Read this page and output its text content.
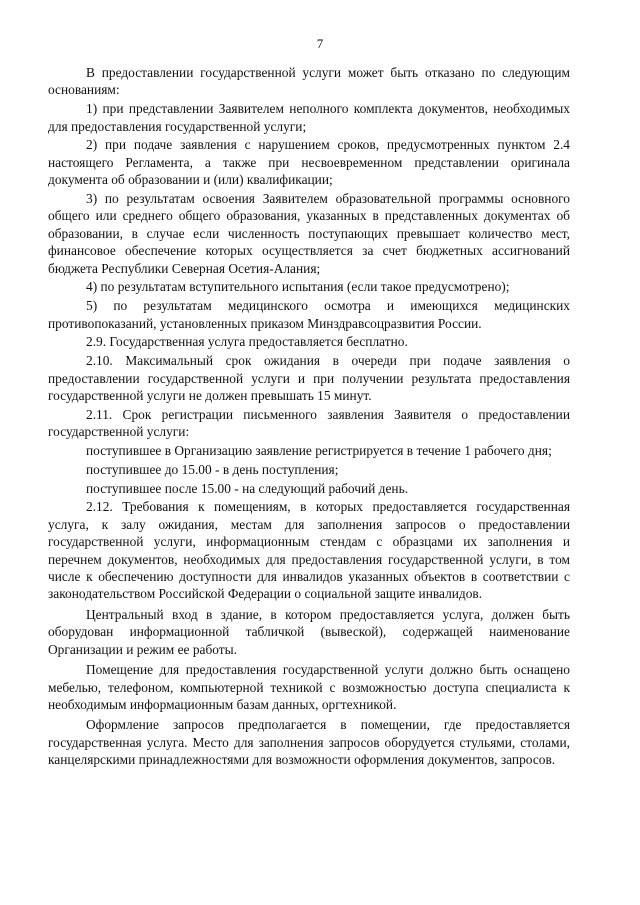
7

В предоставлении государственной услуги может быть отказано по следующим основаниям:

1) при представлении Заявителем неполного комплекта документов, необходимых для предоставления государственной услуги;

2) при подаче заявления с нарушением сроков, предусмотренных пунктом 2.4 настоящего Регламента, а также при несвоевременном представлении оригинала документа об образовании и (или) квалификации;

3) по результатам освоения Заявителем образовательной программы основного общего или среднего общего образования, указанных в представленных документах об образовании, в случае если численность поступающих превышает количество мест, финансовое обеспечение которых осуществляется за счет бюджетных ассигнований бюджета Республики Северная Осетия-Алания;

4) по результатам вступительного испытания (если такое предусмотрено);

5) по результатам медицинского осмотра и имеющихся медицинских противопоказаний, установленных приказом Минздравсоцразвития России.

2.9. Государственная услуга предоставляется бесплатно.

2.10. Максимальный срок ожидания в очереди при подаче заявления о предоставлении государственной услуги и при получении результата предоставления государственной услуги не должен превышать 15 минут.

2.11. Срок регистрации письменного заявления Заявителя о предоставлении государственной услуги:

поступившее в Организацию заявление регистрируется в течение 1 рабочего дня;

поступившее до 15.00 - в день поступления;

поступившее после 15.00 - на следующий рабочий день.

2.12. Требования к помещениям, в которых предоставляется государственная услуга, к залу ожидания, местам для заполнения запросов о предоставлении государственной услуги, информационным стендам с образцами их заполнения и перечнем документов, необходимых для предоставления государственной услуги, в том числе к обеспечению доступности для инвалидов указанных объектов в соответствии с законодательством Российской Федерации о социальной защите инвалидов.

Центральный вход в здание, в котором предоставляется услуга, должен быть оборудован информационной табличкой (вывеской), содержащей наименование Организации и режим ее работы.

Помещение для предоставления государственной услуги должно быть оснащено мебелью, телефоном, компьютерной техникой с возможностью доступа специалиста к необходимым информационным базам данных, оргтехникой.

Оформление запросов предполагается в помещении, где предоставляется государственная услуга. Место для заполнения запросов оборудуется стульями, столами, канцелярскими принадлежностями для возможности оформления документов, запросов.
